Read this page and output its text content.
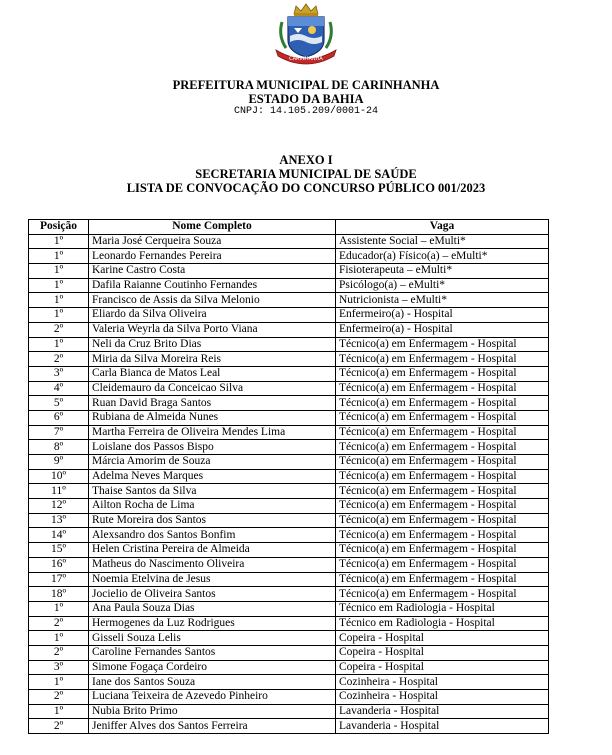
CARINHANHA
PREFEITURA MUNICIPAL DE CARINHANHA
ESTADO DA BAHIA
CNPJ: 14.105.209/0001-24
ANEXO I
SECRETARIA MUNICIPAL DE SAÚDE
LISTA DE CONVOCAÇÃO DO CONCURSO PÚBLICO 001/2023
Posição	Nome Completo	Vaga
1º	Maria José Cerqueira Souza	Assistente Social – eMulti*
1º	Leonardo Fernandes Pereira	Educador(a) Físico(a) – eMulti*
1º	Karine Castro Costa	Fisioterapeuta – eMulti*
1º	Dafila Raianne Coutinho Fernandes	Psicólogo(a) – eMulti*
1º	Francisco de Assis da Silva Melonio	Nutricionista – eMulti*
1º	Eliardo da Silva Oliveira	Enfermeiro(a) - Hospital
2º	Valeria Weyrla da Silva Porto Viana	Enfermeiro(a) - Hospital
1º	Neli da Cruz Brito Dias	Técnico(a) em Enfermagem - Hospital
2º	Miria da Silva Moreira Reis	Técnico(a) em Enfermagem - Hospital
3º	Carla Bianca de Matos Leal	Técnico(a) em Enfermagem - Hospital
4º	Cleidemauro da Conceicao Silva	Técnico(a) em Enfermagem - Hospital
5º	Ruan David Braga Santos	Técnico(a) em Enfermagem - Hospital
6º	Rubiana de Almeida Nunes	Técnico(a) em Enfermagem - Hospital
7º	Martha Ferreira de Oliveira Mendes Lima	Técnico(a) em Enfermagem - Hospital
8º	Loislane dos Passos Bispo	Técnico(a) em Enfermagem - Hospital
9º	Márcia Amorim de Souza	Técnico(a) em Enfermagem - Hospital
10º	Adelma Neves Marques	Técnico(a) em Enfermagem - Hospital
11º	Thaise Santos da Silva	Técnico(a) em Enfermagem - Hospital
12º	Ailton Rocha de Lima	Técnico(a) em Enfermagem - Hospital
13º	Rute Moreira dos Santos	Técnico(a) em Enfermagem - Hospital
14º	Alexsandro dos Santos Bonfim	Técnico(a) em Enfermagem - Hospital
15º	Helen Cristina Pereira de Almeida	Técnico(a) em Enfermagem - Hospital
16º	Matheus do Nascimento Oliveira	Técnico(a) em Enfermagem - Hospital
17º	Noemia Etelvina de Jesus	Técnico(a) em Enfermagem - Hospital
18º	Jocielio de Oliveira Santos	Técnico(a) em Enfermagem - Hospital
1º	Ana Paula Souza Dias	Técnico em Radiologia - Hospital
2º	Hermogenes da Luz Rodrigues	Técnico em Radiologia - Hospital
1º	Gisseli Souza Lelis	Copeira - Hospital
2º	Caroline Fernandes Santos	Copeira - Hospital
3º	Simone Fogaça Cordeiro	Copeira - Hospital
1º	Iane dos Santos Souza	Cozinheira - Hospital
2º	Luciana Teixeira de Azevedo Pinheiro	Cozinheira - Hospital
1º	Nubia Brito Primo	Lavanderia - Hospital
2º	Jeniffer Alves dos Santos Ferreira	Lavanderia - Hospital
